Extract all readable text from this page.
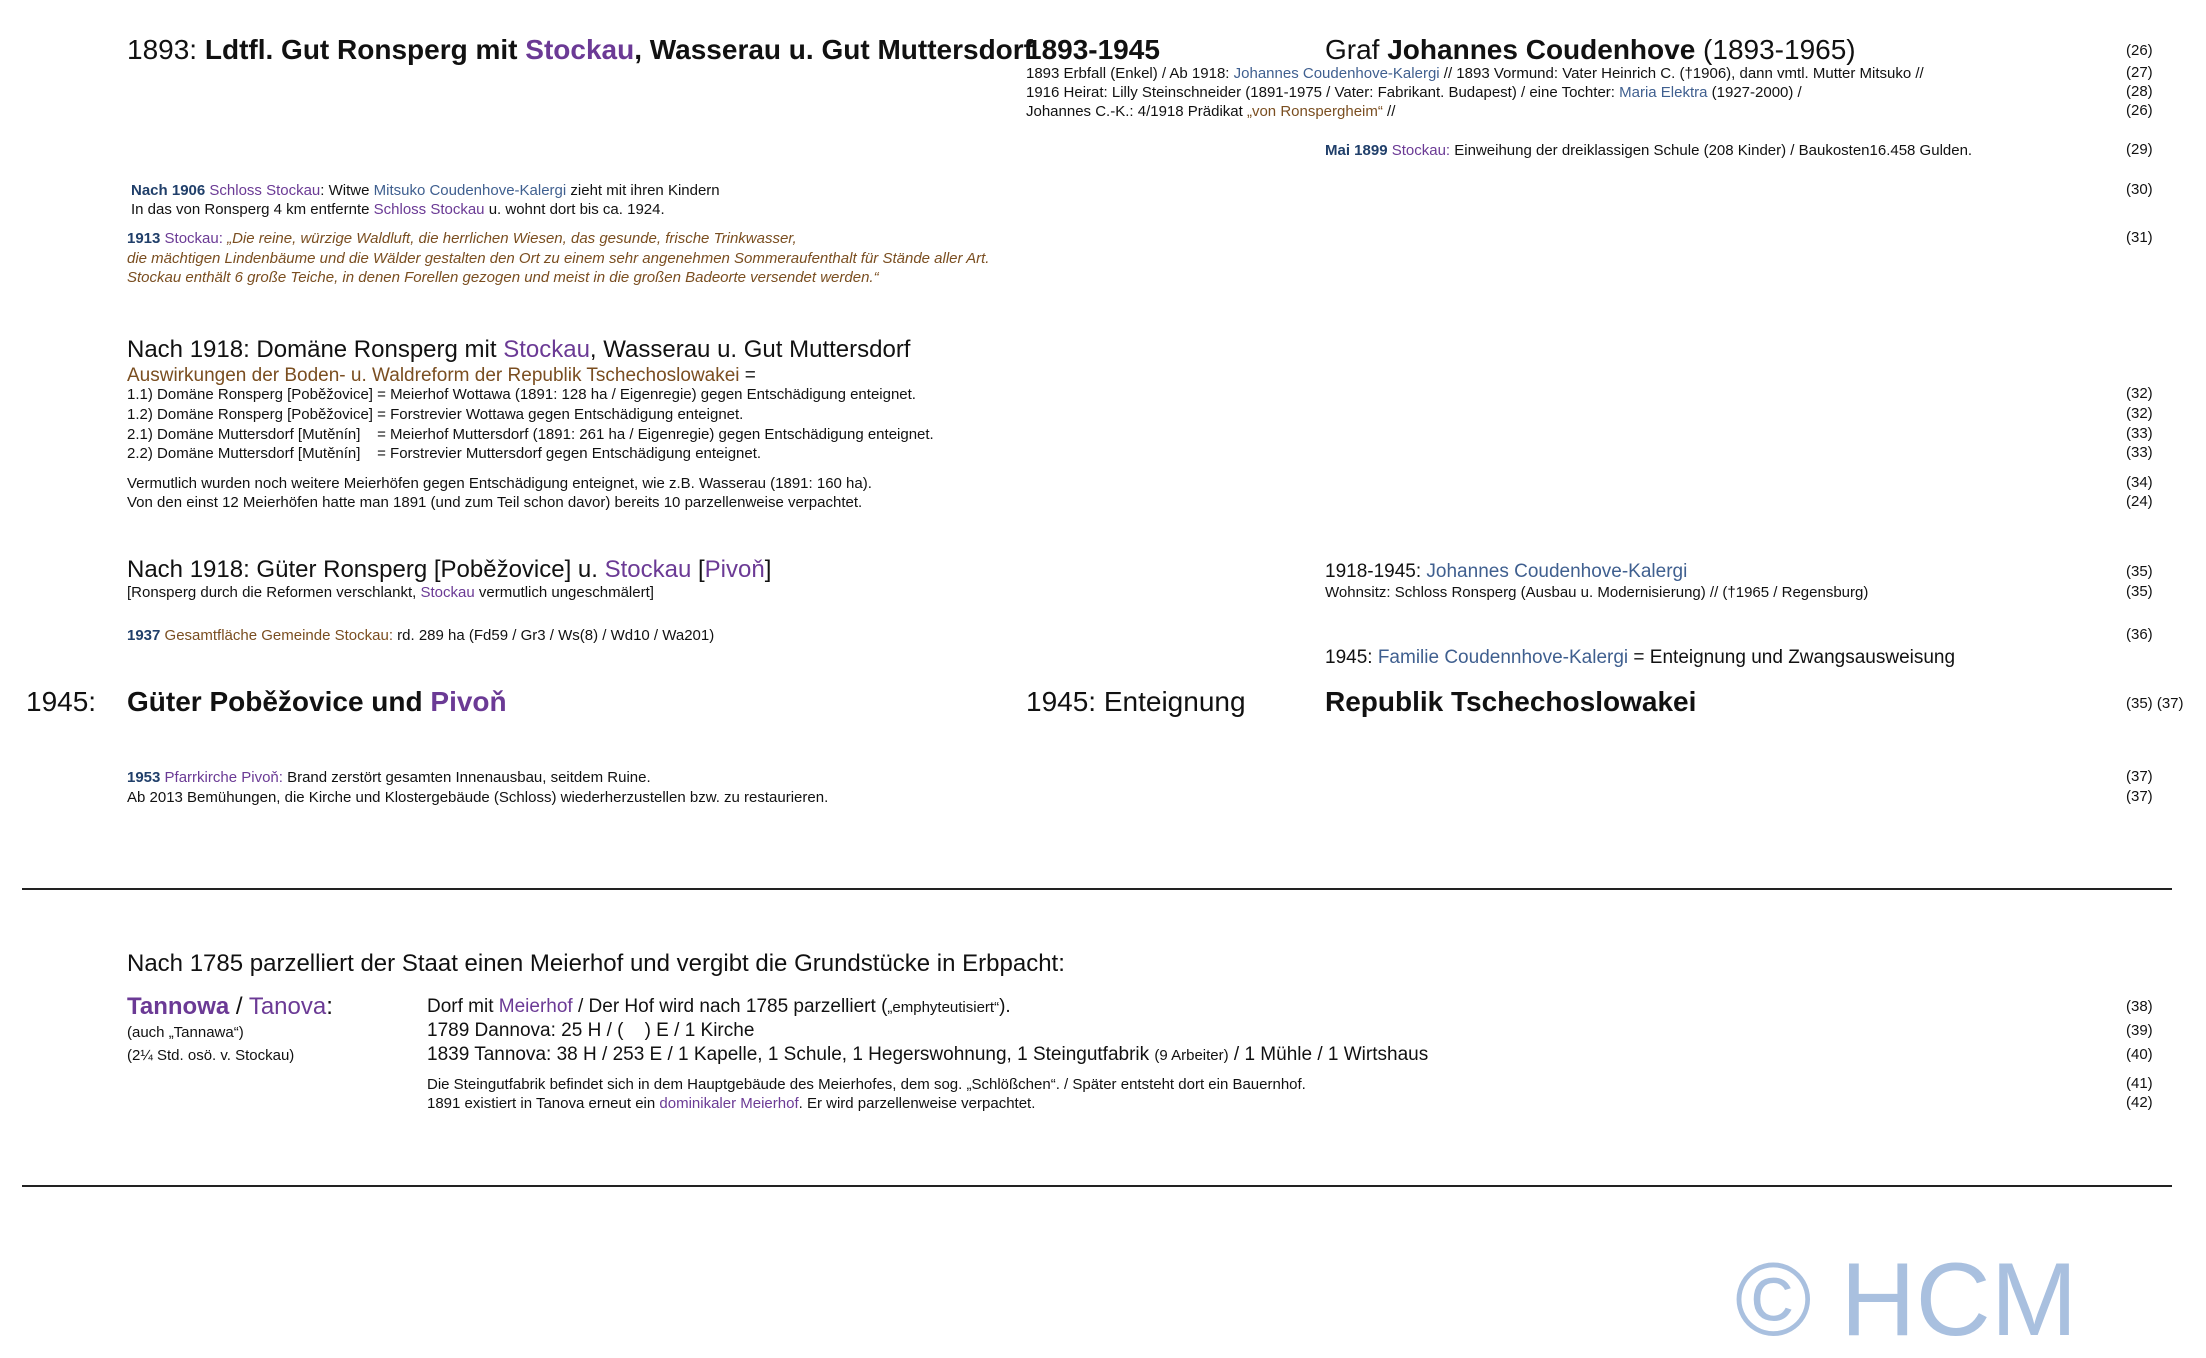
1893: Ldtfl. Gut Ronsperg mit Stockau, Wasserau u. Gut Muttersdorf
1893-1945	Graf Johannes Coudenhove (1893-1965)	(26)
1893 Erbfall (Enkel) / Ab 1918: Johannes Coudenhove-Kalergi // 1893 Vormund: Vater Heinrich C. (†1906), dann vmtl. Mutter Mitsuko //	(27)
1916 Heirat: Lilly Steinschneider (1891-1975 / Vater: Fabrikant. Budapest) / eine Tochter: Maria Elektra (1927-2000) /	(28)
Johannes C.-K.: 4/1918 Prädikat „von Ronspergheim“ //	(26)
Mai 1899 Stockau: Einweihung der dreiklassigen Schule (208 Kinder) / Baukosten16.458 Gulden.	(29)
Nach 1906 Schloss Stockau: Witwe Mitsuko Coudenhove-Kalergi zieht mit ihren Kindern	(30)
In das von Ronsperg 4 km entfernte Schloss Stockau u. wohnt dort bis ca. 1924.
1913 Stockau: „Die reine, würzige Waldluft, die herrlichen Wiesen, das gesunde, frische Trinkwasser,	(31)
die mächtigen Lindenbäume und die Wälder gestalten den Ort zu einem sehr angenehmen Sommeraufenthalt für Stände aller Art.
Stockau enthält 6 große Teiche, in denen Forellen gezogen und meist in die großen Badeorte versendet werden.“
Nach 1918: Domäne Ronsperg mit Stockau, Wasserau u. Gut Muttersdorf
Auswirkungen der Boden- u. Waldreform der Republik Tschechoslowakei =
1.1) Domäne Ronsperg [Poběžovice] = Meierhof Wottawa (1891: 128 ha / Eigenregie) gegen Entschädigung enteignet.	(32)
1.2) Domäne Ronsperg [Poběžovice] = Forstrevier Wottawa gegen Entschädigung enteignet.	(32)
2.1) Domäne Muttersdorf [Mutěnín]    = Meierhof Muttersdorf (1891: 261 ha / Eigenregie) gegen Entschädigung enteignet.	(33)
2.2) Domäne Muttersdorf [Mutěnín]    = Forstrevier Muttersdorf gegen Entschädigung enteignet.	(33)
Vermutlich wurden noch weitere Meierhöfen gegen Entschädigung enteignet, wie z.B. Wasserau (1891: 160 ha).	(34)
Von den einst 12 Meierhöfen hatte man 1891 (und zum Teil schon davor) bereits 10 parzellenweise verpachtet.	(24)
Nach 1918: Güter Ronsperg [Poběžovice] u. Stockau [Pivoň]
[Ronsperg durch die Reformen verschlankt, Stockau vermutlich ungeschmälert]
1918-1945: Johannes Coudenhove-Kalergi	(35)
Wohnsitz: Schloss Ronsperg (Ausbau u. Modernisierung) // (†1965 / Regensburg)	(35)
1937 Gesamtfläche Gemeinde Stockau: rd. 289 ha (Fd59 / Gr3 / Ws(8) / Wd10 / Wa201)	(36)
1945: Familie Coudennhove-Kalergi = Enteignung und Zwangsausweisung
1945: Güter Poběžovice und Pivoň	1945: Enteignung	Republik Tschechoslowakei	(35) (37)
1953 Pfarrkirche Pivoň: Brand zerstört gesamten Innenausbau, seitdem Ruine.	(37)
Ab 2013 Bemühungen, die Kirche und Klostergebäude (Schloss) wiederherzustellen bzw. zu restaurieren.	(37)
Nach 1785 parzelliert der Staat einen Meierhof und vergibt die Grundstücke in Erbpacht:
Tannowa / Tanova:
(auch „Tannawa“)
(2¼ Std. osö. v. Stockau)
Dorf mit Meierhof / Der Hof wird nach 1785 parzelliert („emphyteutisiert“).	(38)
1789 Dannova: 25 H / (    ) E / 1 Kirche	(39)
1839 Tannova: 38 H / 253 E / 1 Kapelle, 1 Schule, 1 Hegerswohnung, 1 Steingutfabrik (9 Arbeiter) / 1 Mühle / 1 Wirtshaus	(40)
Die Steingutfabrik befindet sich in dem Hauptgebäude des Meierhofes, dem sog. „Schlößchen“. / Später entsteht dort ein Bauernhof.	(41)
1891 existiert in Tanova erneut ein dominikaler Meierhof. Er wird parzellenweise verpachtet.	(42)
© HCM
